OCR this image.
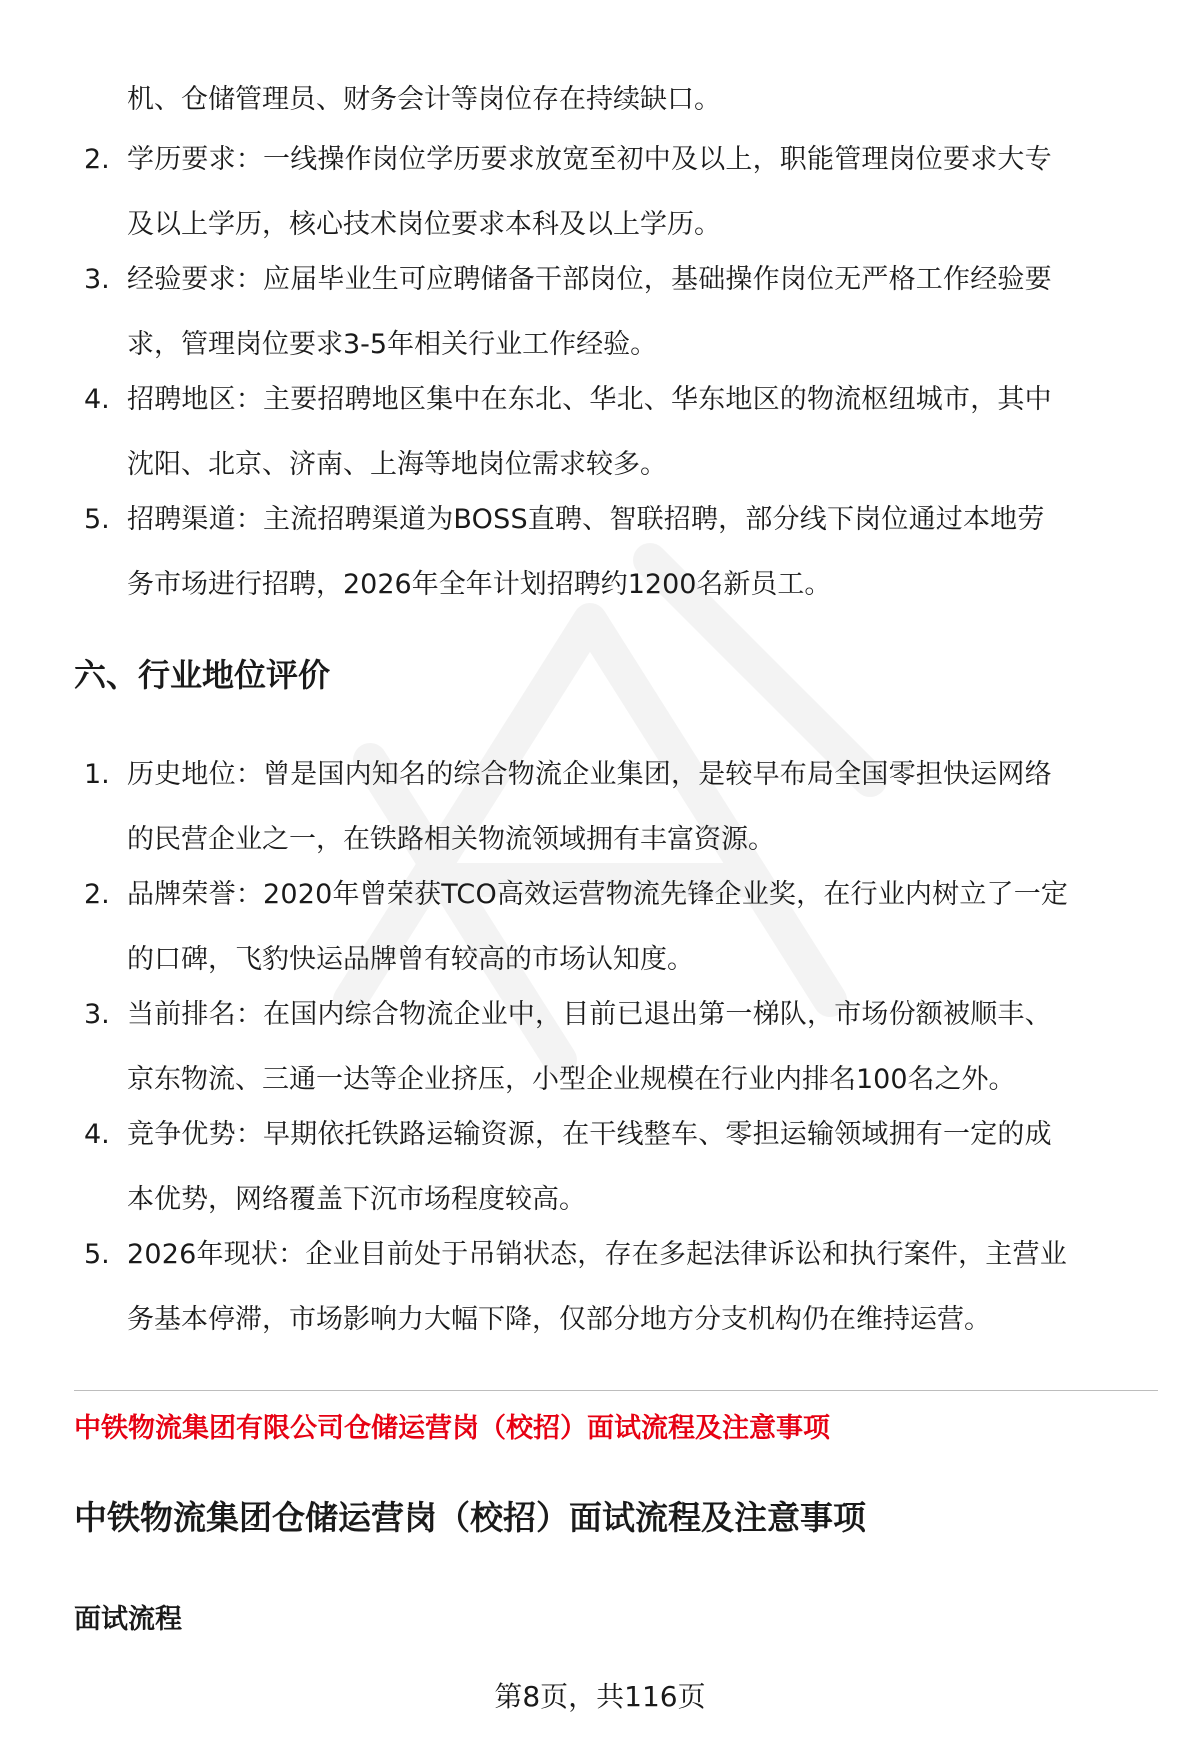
机、仓储管理员、财务会计等岗位存在持续缺口。
2. 学历要求：一线操作岗位学历要求放宽至初中及以上，职能管理岗位要求大专
及以上学历，核心技术岗位要求本科及以上学历。
3. 经验要求：应届毕业生可应聘储备干部岗位，基础操作岗位无严格工作经验要
求，管理岗位要求3-5年相关行业工作经验。
4. 招聘地区：主要招聘地区集中在东北、华北、华东地区的物流枢纽城市，其中
沈阳、北京、济南、上海等地岗位需求较多。
5. 招聘渠道：主流招聘渠道为BOSS直聘、智联招聘，部分线下岗位通过本地劳
务市场进行招聘，2026年全年计划招聘约1200名新员工。
六、行业地位评价
1. 历史地位：曾是国内知名的综合物流企业集团，是较早布局全国零担快运网络
的民营企业之一，在铁路相关物流领域拥有丰富资源。
2. 品牌荣誉：2020年曾荣获TCO高效运营物流先锋企业奖，在行业内树立了一定
的口碑，飞豹快运品牌曾有较高的市场认知度。
3. 当前排名：在国内综合物流企业中，目前已退出第一梯队，市场份额被顺丰、
京东物流、三通一达等企业挤压，小型企业规模在行业内排名100名之外。
4. 竞争优势：早期依托铁路运输资源，在干线整车、零担运输领域拥有一定的成
本优势，网络覆盖下沉市场程度较高。
5. 2026年现状：企业目前处于吊销状态，存在多起法律诉讼和执行案件，主营业
务基本停滞，市场影响力大幅下降，仅部分地方分支机构仍在维持运营。
中铁物流集团有限公司仓储运营岗（校招）面试流程及注意事项
中铁物流集团仓储运营岗（校招）面试流程及注意事项
面试流程
第8页，共116页
